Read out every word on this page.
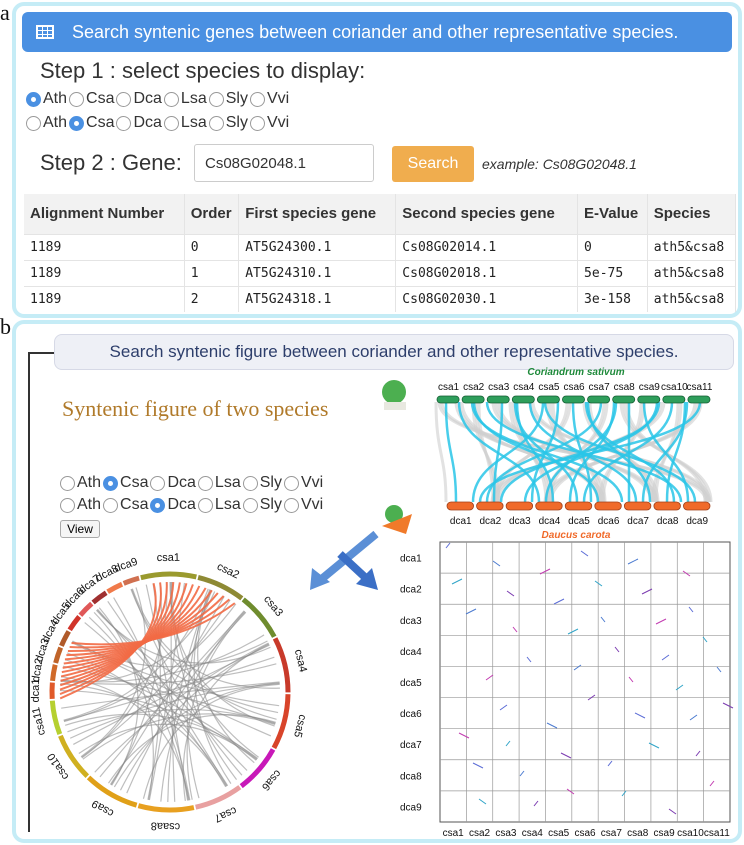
a
Search syntenic genes between coriander and other representative species.
Step 1 : select species to display:
Ath Csa Dca Lsa Sly Vvi
Ath Csa Dca Lsa Sly Vvi
Step 2 : Gene:
Cs08G02048.1	Search	example: Cs08G02048.1
Alignment Number	Order	First species gene	Second species gene	E-Value	Species
1189	0	AT5G24300.1	Cs08G02014.1	0	ath5&csa8
1189	1	AT5G24310.1	Cs08G02018.1	5e-75	ath5&csa8
1189	2	AT5G24318.1	Cs08G02030.1	3e-158	ath5&csa8
b
Search syntenic figure between coriander and other representative species.
Syntenic figure of two species
Ath Csa Dca Lsa Sly Vvi
Ath Csa Dca Lsa Sly Vvi
View
csa1 csa2 csa3 csa4 csa5 csa6 csa7 csa8 csa9 csa10
csa11
Coriandrum sativum
dca1 dca2 dca3 dca4 dca5 dca6 dca7 dca8 dca9
Daucus carota
dca1
dca2
dca3
dca4
dca5
dca6
dca7
dca8
dca9
csa1 csa2 csa3 csa4 csa5 csa6 csa7 csa8 csa9 csa10 csa11
csa1
csa2
csa3
csa4
csa5
csa6
csa7
csaa8
csa9
csa10
csa11
dca1
dca2
dca3
dca4
dca5
dca6
dca7
dca8
dca9
